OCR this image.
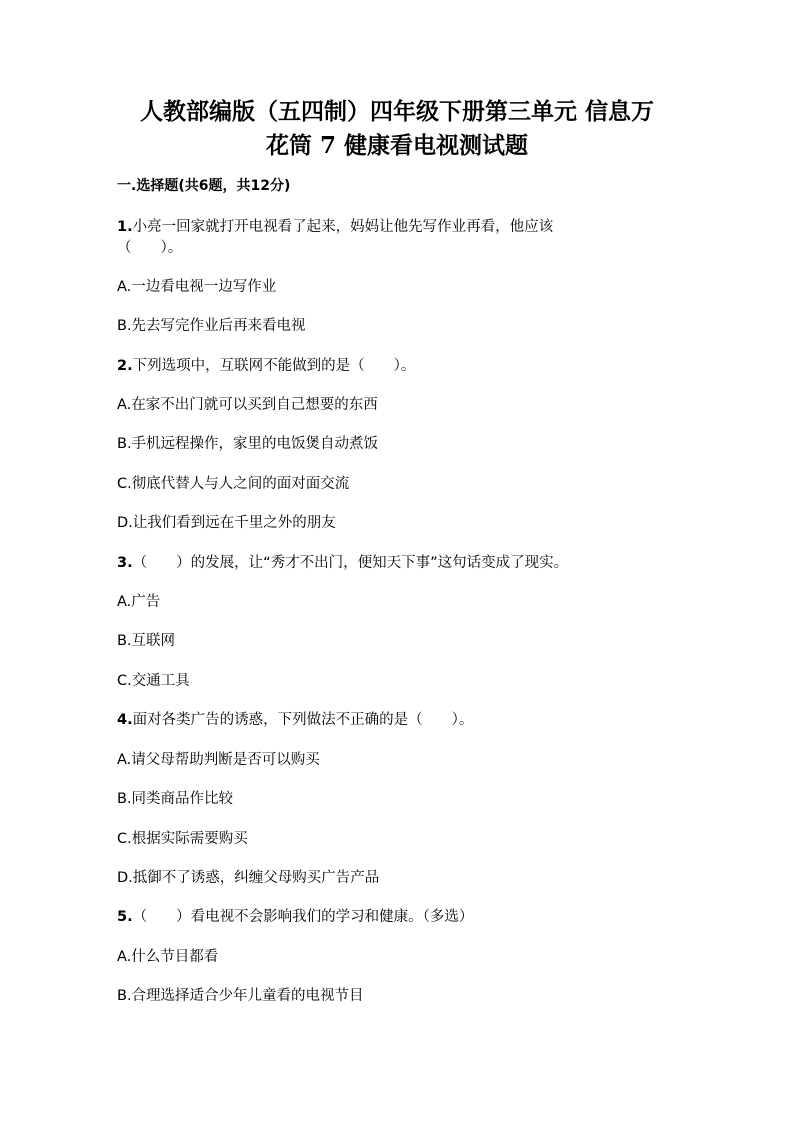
人教部编版（五四制）四年级下册第三单元 信息万
花筒 7 健康看电视测试题
一.选择题(共6题，共12分)
1.小亮一回家就打开电视看了起来，妈妈让他先写作业再看，他应该
（　　）。
A.一边看电视一边写作业
B.先去写完作业后再来看电视
2.下列选项中，互联网不能做到的是（　　）。
A.在家不出门就可以买到自己想要的东西
B.手机远程操作，家里的电饭煲自动煮饭
C.彻底代替人与人之间的面对面交流
D.让我们看到远在千里之外的朋友
3.（　　）的发展，让“秀才不出门，便知天下事”这句话变成了现实。
A.广告
B.互联网
C.交通工具
4.面对各类广告的诱惑，下列做法不正确的是（　　）。
A.请父母帮助判断是否可以购买
B.同类商品作比较
C.根据实际需要购买
D.抵御不了诱惑，纠缠父母购买广告产品
5.（　　）看电视不会影响我们的学习和健康。（多选）
A.什么节目都看
B.合理选择适合少年儿童看的电视节目
